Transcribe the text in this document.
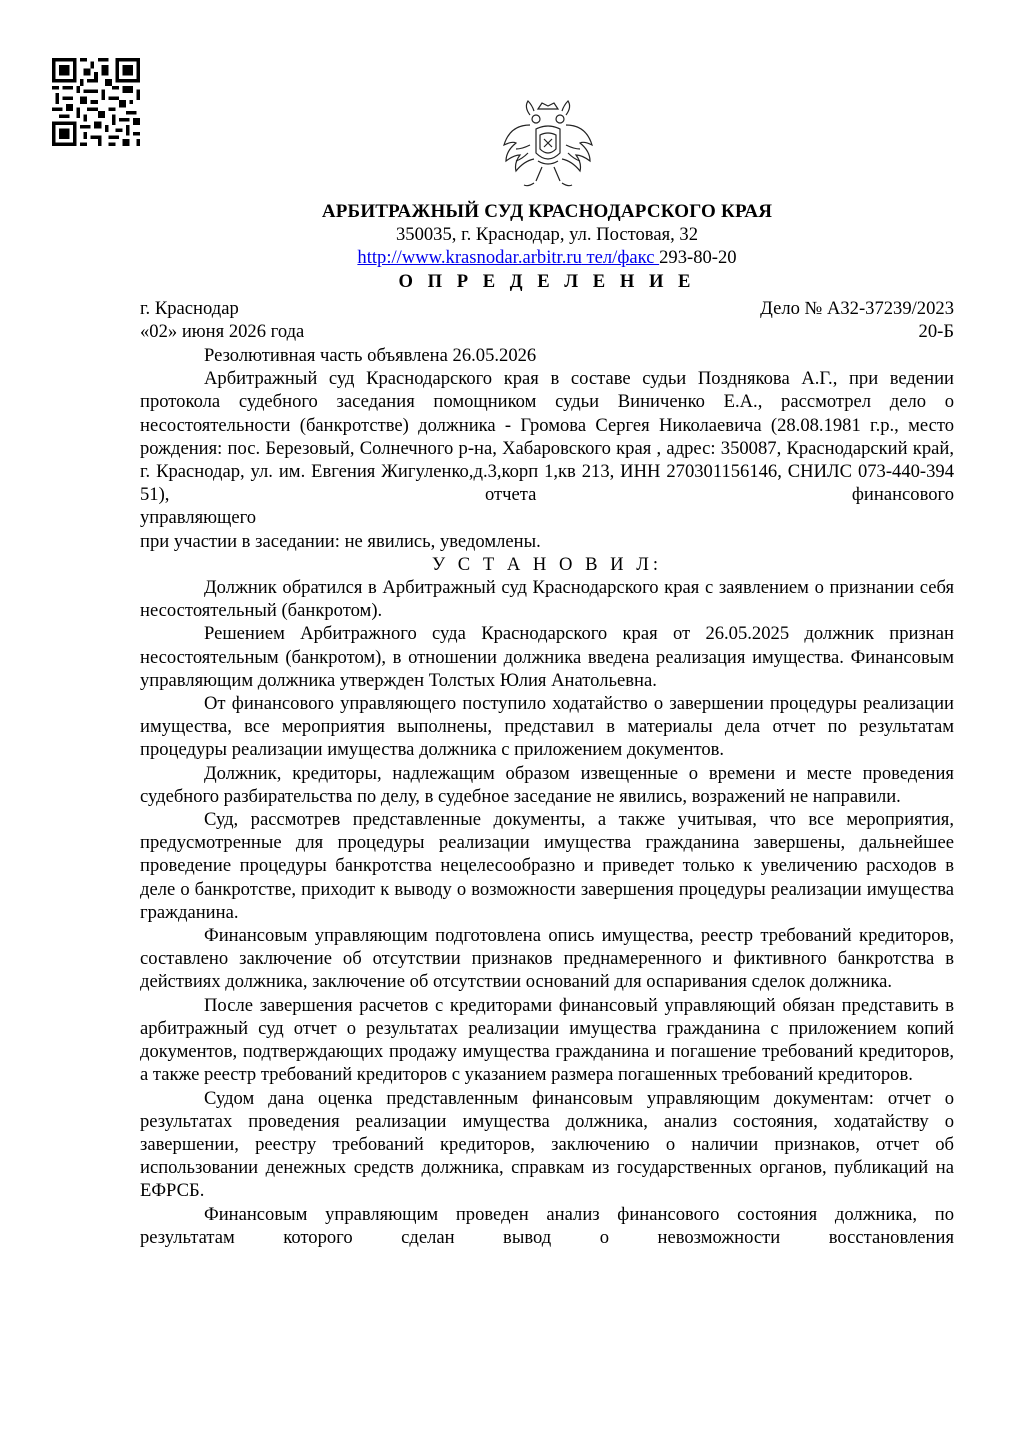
АРБИТРАЖНЫЙ СУД КРАСНОДАРСКОГО КРАЯ
350035, г. Краснодар, ул. Постовая, 32
http://www.krasnodar.arbitr.ru тел/факс 293-80-20
О П Р Е Д Е Л Е Н И Е
г. Краснодар	Дело № А32-37239/2023
«02» июня 2026 года	20-Б

Резолютивная часть объявлена 26.05.2026

Арбитражный суд Краснодарского края в составе судьи Позднякова А.Г., при ведении протокола судебного заседания помощником судьи Виниченко Е.А., рассмотрел дело о несостоятельности (банкротстве) должника - Громова Сергея Николаевича (28.08.1981 г.р., место рождения: пос. Березовый, Солнечного р-на, Хабаровского края , адрес: 350087, Краснодарский край, г. Краснодар, ул. им. Евгения Жигуленко,д.3,корп 1,кв 213, ИНН 270301156146, СНИЛС 073-440-394 51), отчета финансового

управляющего

при участии в заседании: не явились, уведомлены.

У С Т А Н О В И Л:

Должник обратился в Арбитражный суд Краснодарского края с заявлением о признании себя несостоятельный (банкротом).

Решением Арбитражного суда Краснодарского края от 26.05.2025 должник признан несостоятельным (банкротом), в отношении должника введена реализация имущества. Финансовым управляющим должника утвержден Толстых Юлия Анатольевна.

От финансового управляющего поступило ходатайство о завершении процедуры реализации имущества, все мероприятия выполнены, представил в материалы дела отчет по результатам процедуры реализации имущества должника с приложением документов.

Должник, кредиторы, надлежащим образом извещенные о времени и месте проведения судебного разбирательства по делу, в судебное заседание не явились, возражений не направили.

Суд, рассмотрев представленные документы, а также учитывая, что все мероприятия, предусмотренные для процедуры реализации имущества гражданина завершены, дальнейшее проведение процедуры банкротства нецелесообразно и приведет только к увеличению расходов в деле о банкротстве, приходит к выводу о возможности завершения процедуры реализации имущества гражданина.

Финансовым управляющим подготовлена опись имущества, реестр требований кредиторов, составлено заключение об отсутствии признаков преднамеренного и фиктивного банкротства в действиях должника, заключение об отсутствии оснований для оспаривания сделок должника.

После завершения расчетов с кредиторами финансовый управляющий обязан представить в арбитражный суд отчет о результатах реализации имущества гражданина с приложением копий документов, подтверждающих продажу имущества гражданина и погашение требований кредиторов, а также реестр требований кредиторов с указанием размера погашенных требований кредиторов.

Судом дана оценка представленным финансовым управляющим документам: отчет о результатах проведения реализации имущества должника, анализ состояния, ходатайству о завершении, реестру требований кредиторов, заключению о наличии признаков, отчет об использовании денежных средств должника, справкам из государственных органов, публикаций на ЕФРСБ.

Финансовым управляющим проведен анализ финансового состояния должника, по результатам которого сделан вывод о невозможности восстановления
